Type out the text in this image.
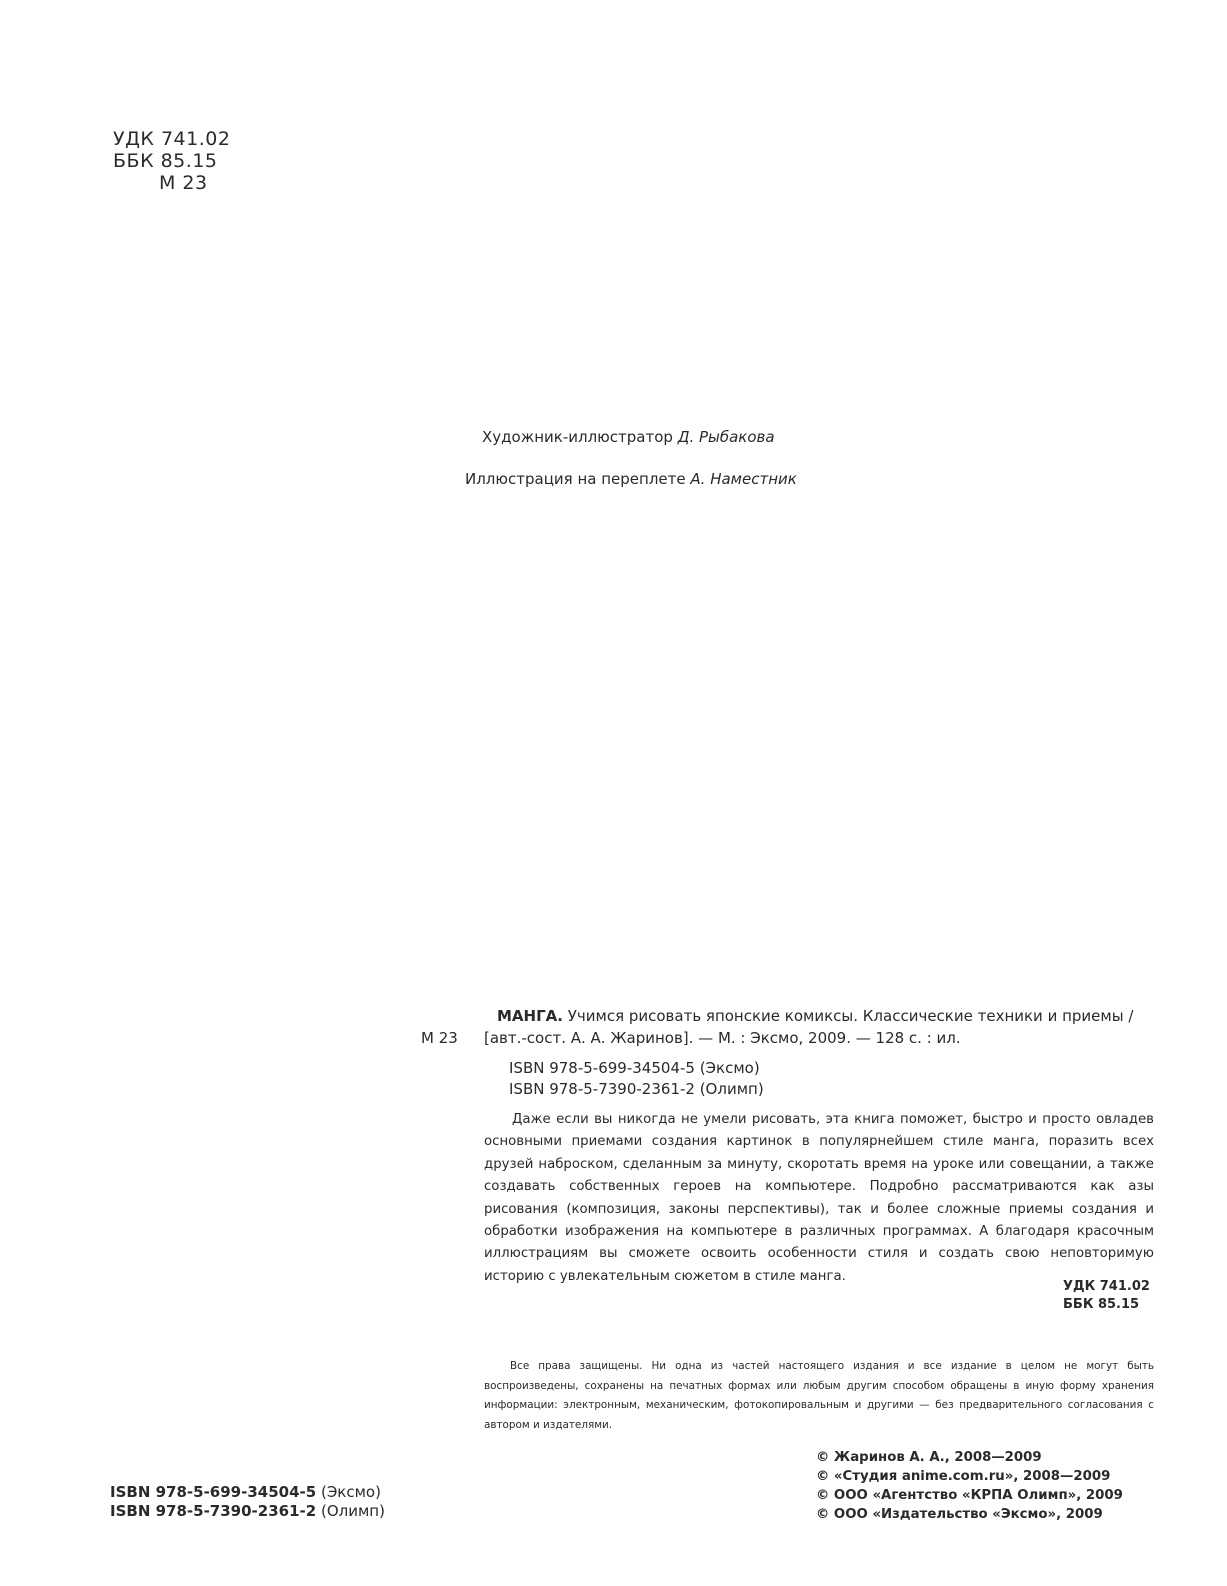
УДК 741.02
ББК 85.15
М 23
Художник-иллюстратор Д. Рыбакова
Иллюстрация на переплете А. Наместник
М 23
МАНГА. Учимся рисовать японские комиксы. Классические техники и приемы /
[авт.-сост. А. А. Жаринов]. — М. : Эксмо, 2009. — 128 с. : ил.
ISBN 978-5-699-34504-5 (Эксмо)
ISBN 978-5-7390-2361-2 (Олимп)
Даже если вы никогда не умели рисовать, эта книга поможет, быстро и просто овладев основными приемами создания картинок в популярнейшем стиле манга, поразить всех друзей наброском, сделанным за минуту, скоротать время на уроке или совещании, а также создавать собственных героев на компьютере. Подробно рассматриваются как азы рисования (композиция, законы перспективы), так и более сложные приемы создания и обработки изображения на компьютере в различных программах. А благодаря красочным иллюстрациям вы сможете освоить особенности стиля и создать свою неповторимую историю с увлекательным сюжетом в стиле манга.
УДК 741.02
ББК 85.15
Все права защищены. Ни одна из частей настоящего издания и все издание в целом не могут быть воспроизведены, сохранены на печатных формах или любым другим способом обращены в иную форму хранения информации: электронным, механическим, фотокопировальным и другими — без предварительного согласования с автором и издателями.
© Жаринов А. А., 2008—2009
© «Студия anime.com.ru», 2008—2009
© ООО «Агентство «КРПА Олимп», 2009
© ООО «Издательство «Эксмо», 2009
ISBN 978-5-699-34504-5 (Эксмо)
ISBN 978-5-7390-2361-2 (Олимп)
